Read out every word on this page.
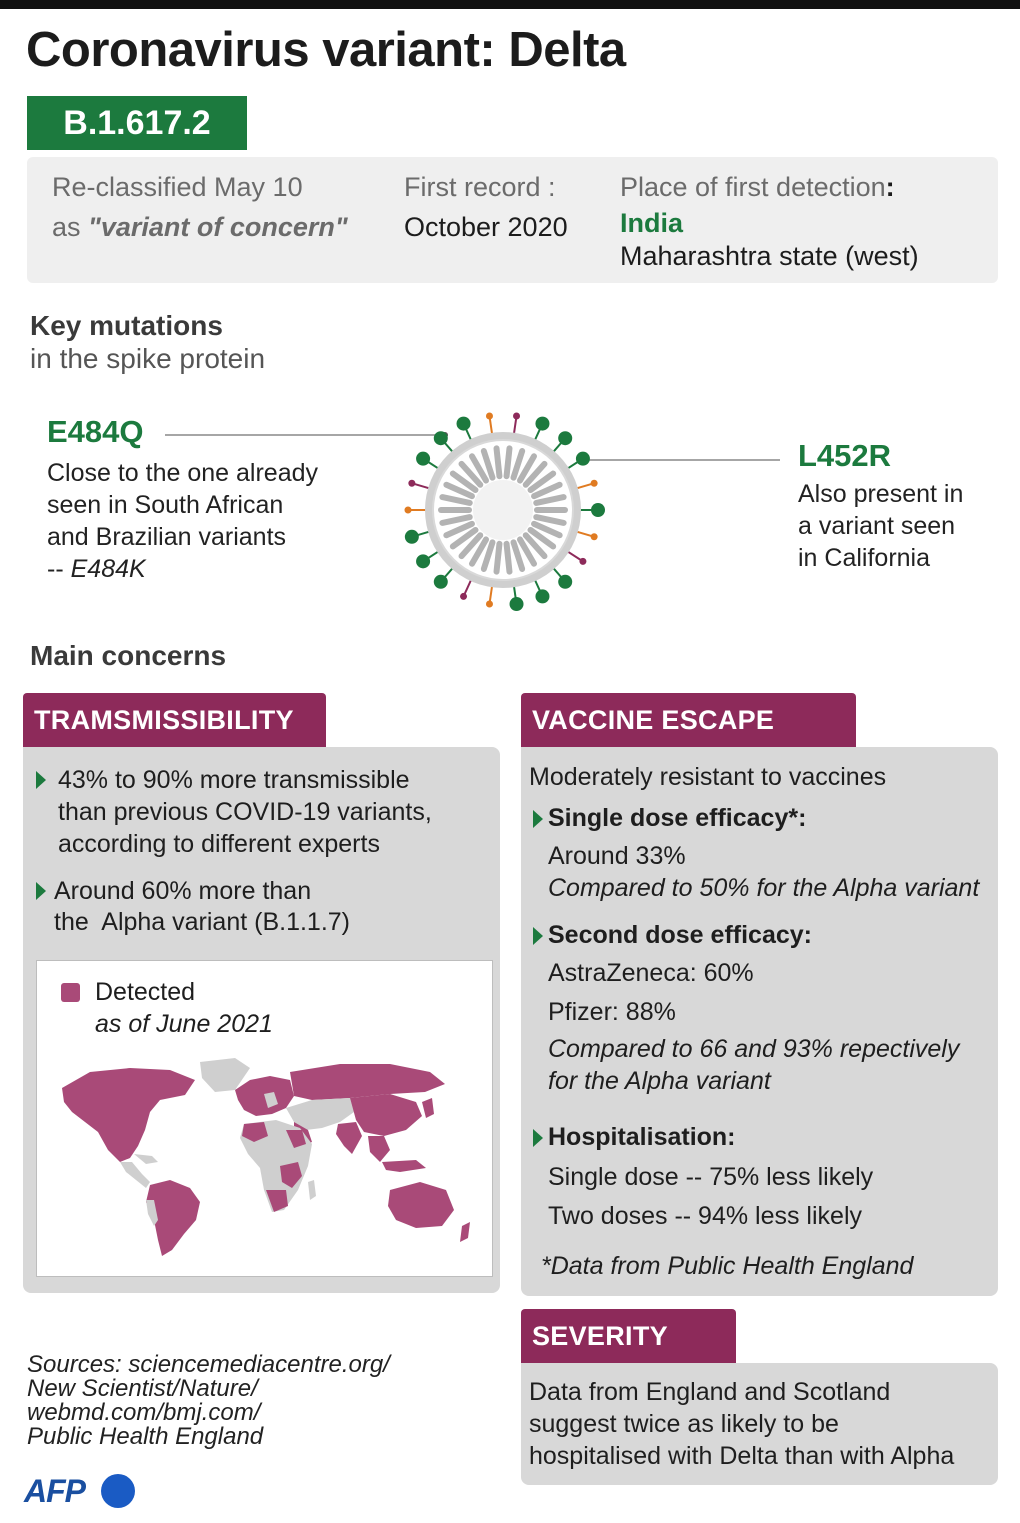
Coronavirus variant: Delta
B.1.617.2
Re-classified May 10
as "variant of concern"
First record :
October 2020
Place of first detection:
India
Maharashtra state (west)
Key mutations
in the spike protein
E484Q
Close to the one already
seen in South African
and Brazilian variants
-- E484K
L452R
Also present in
a variant seen
in California
Main concerns
TRAMSMISSIBILITY
43% to 90% more transmissible
than previous COVID-19 variants,
according to different experts
Around 60% more than
the  Alpha variant (B.1.1.7)
Detected
as of June 2021
VACCINE ESCAPE
Moderately resistant to vaccines
Single dose efficacy*:
Around 33%
Compared to 50% for the Alpha variant
Second dose efficacy:
AstraZeneca: 60%
Pfizer: 88%
Compared to 66 and 93% repectively
for the Alpha variant
Hospitalisation:
Single dose -- 75% less likely
Two doses -- 94% less likely
*Data from Public Health England
SEVERITY
Data from England and Scotland
suggest twice as likely to be
hospitalised with Delta than with Alpha
Sources: sciencemediacentre.org/
New Scientist/Nature/
webmd.com/bmj.com/
Public Health England
AFP
